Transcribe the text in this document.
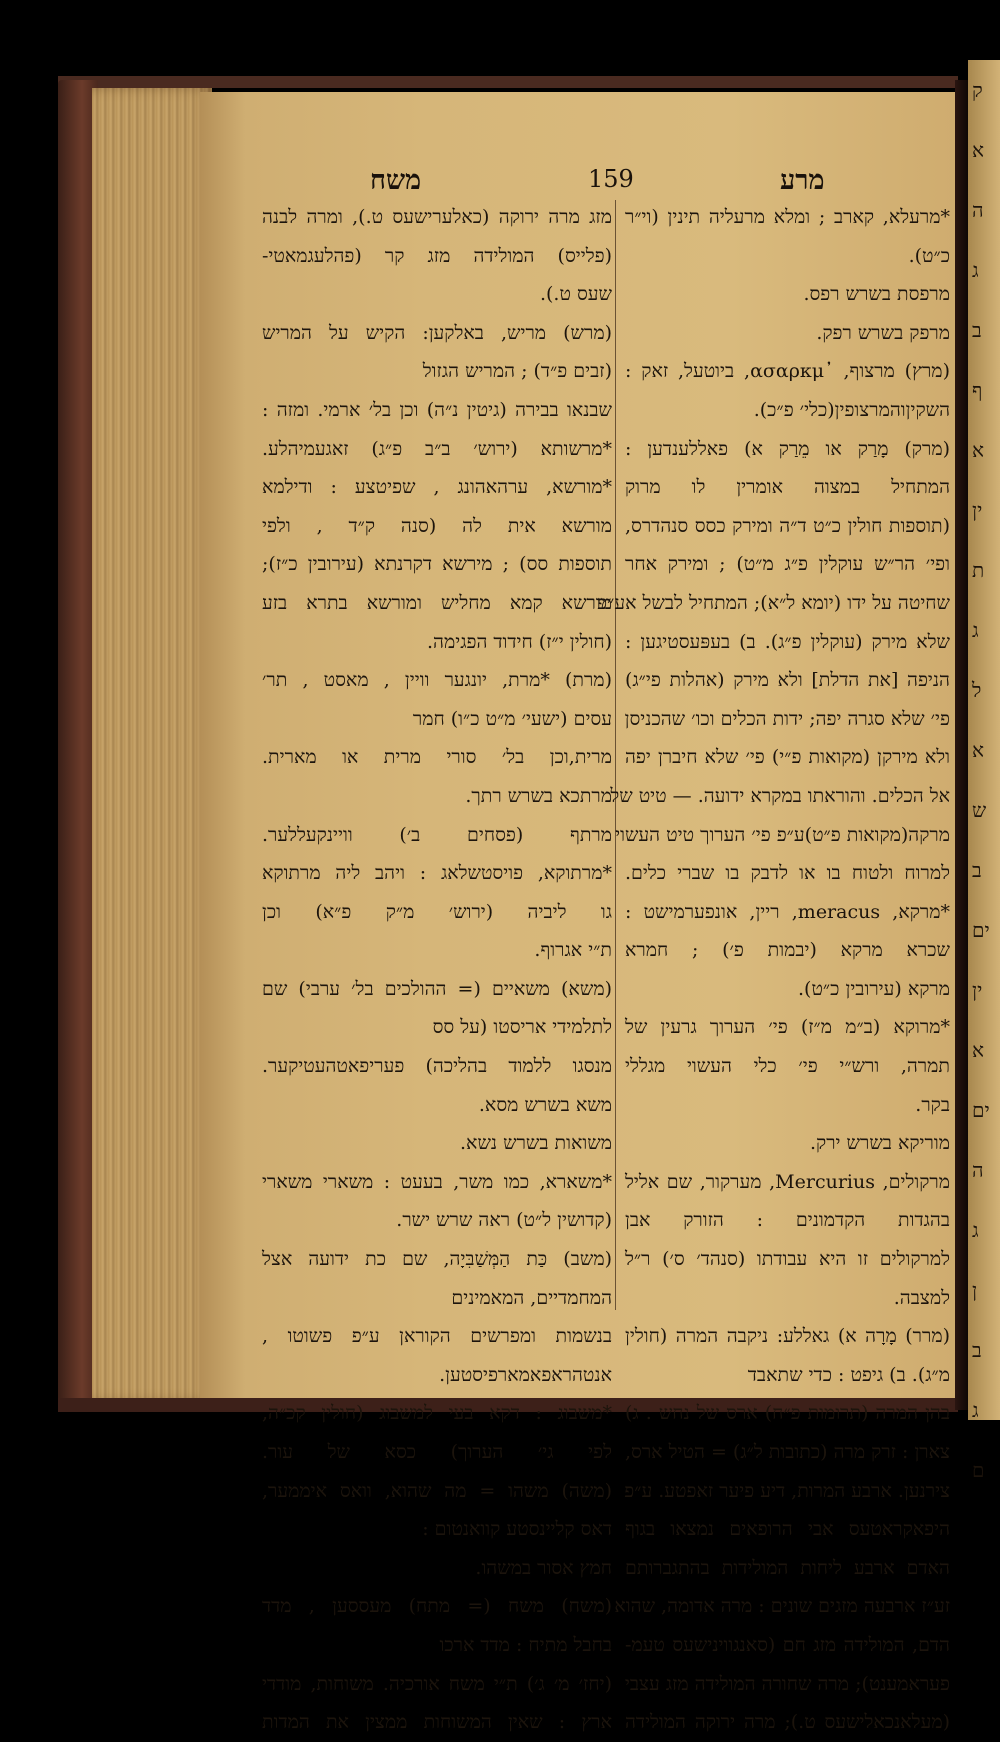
ק
א
ה
ג
ב
ף
א
ין
ת
ג
ל
א
ש
ב
ים
ין
א
ים
ה
ג
ן
ב
ג
ם
משח	159	מרע
*מרעלא, קארב ; ומלא מרעליה תינין (וי״ר
כ״ט).
מרפסת בשרש רפס.
מרפק בשרש רפק.
(מרץ) מרצוף, ᾿ασαρκμ, ביוטעל, זאק :
השקיןוהמרצופין(כלי׳ פ״כ).
(מרק) מָרַק או מֵרַק א) פאללענדען :
המתחיל במצוה אומרין לו מרוק
(תוספות חולין כ״ט ד״ה ומירק כסס סנהדרס,
ופי׳ הר״ש עוקלין פ״ג מ״ט) ; ומירק אחר
שחיטה על ידו (יומא ל״א); המתחיל לבשל אע״פ
שלא מירק (עוקלין פ״ג). ב) בעפּעסטיגען :
הניפה [את הדלת] ולא מירק (אהלות פי״ג)
פי׳ שלא סגרה יפה; ידות הכלים וכו׳ שהכניסן
ולא מירקן (מקואות פ״י) פי׳ שלא חיברן יפה
אל הכלים. והוראתו במקרא ידועה. — טיט של
מרקה(מקואות פ״ט)ע״פ פי׳ הערוך טיט העשוי
למרוח ולטוח בו או לדבק בו שברי כלים.
*מרקא, meracus, ריין, אונפערמישט :
שכרא מרקא (יבמות פ׳) ; חמרא
מרקא (עירובין כ״ט).
*מרוקא (ב״מ מ״ז) פי׳ הערוך גרעין של
תמרה, ורש״י פי׳ כלי העשוי מגללי
בקר.
מוריקא בשרש ירק.
מרקולים, Mercurius, מערקור, שם אליל
בהגדות הקדמונים : הזורק אבן
למרקולים זו היא עבודתו (סנהד׳ ס׳) ר״ל
למצבה.
(מרר) מָרָה א) גאללע: ניקבה המרה (חולין
מ״ג). ב) גיפט : כדי שתאבד
בהן המרה (תרומות פ״ח) ארס של נחש . ג)
צארן : זרק מרה (כתובות ל״ג) = הטיל ארס,
צירנען. ארבע המרות, דיע פיער זאפטע. ע״פ
היפאקראטעס אבי הרופאים נמצאו בגוף
האדם ארבע ליחות המולידות בהתגברותם
זע״ז ארבעה מזגים שונים : מרה אדומה, שהוא
הדם, המולידה מזג חם (סאנגווינישעס טעמ-
פעראמענט); מרה שחורה המולידה מזג עצבי
(מעלאנכאלישעס ט.); מרה ירוקה המולידה
מזג מרה ירוקה (כאלערישעס ט.), ומרה לבנה
(פלייס) המולידה מזג קר (פהלעגמאטי-
שעס ט.).
(מרש) מריש, באלקען: הקיש על המריש
(זבים פ״ד) ; המריש הגזול
שבנאו בבירה (גיטין נ״ה) וכן בל׳ ארמי. ומזה :
*מרשותא (ירוש׳ ב״ב פ״ג) זאגעמיהלע.
*מורשא, ערהאהונג , שפיטצע : ודילמא
מורשא אית לה (סנה ק״ד , ולפי
תוספות סס) ; מירשא דקרנתא (עירובין כ״ז);
מורשא קמא מחליש ומורשא בתרא בזע
(חולין י״ז) חידוד הפגימה.
(מרת) *מרת, יונגער וויין , מאסט , תר׳
עסים (ישעי׳ מ״ט כ״ו) חמר
מרית,וכן בל׳ סורי מרית או מארית.
מרתכא בשרש רתך.
מרתף (פסחים ב׳) וויינקעללער.
*מרתוקא, פויסטשלאג : ויהב ליה מרתוקא
גו ליביה (ירוש׳ מ״ק פ״א) וכן
ת״י אגרוף.
(משא) משאיים (= ההולכים בל׳ ערבי) שם
לתלמידי אריסטו (על סס
מנסגו ללמוד בהליכה) פעריפאטהעטיקער.
משא בשרש מסא.
משואות בשרש נשא.
*משארא, כמו משר, בעעט : משארי משארי
(קדושין ל״ט) ראה שרש ישר.
(משב) כַּת הַמְּשַׁבִּיָה, שם כת ידועה אצל
המחמדיים, המאמינים
בנשמות ומפרשים הקוראן ע״פ פשוטו ,
אנטהראפאמארפיסטען.
*משבוג : דקא בעי למשבוג (חולין קכ״ה,
לפי גי׳ הערוך) כסא של עור.
(משה) משהו = מה שהוא, וואס איממער,
דאס קליינסטע קוואנטום :
חמץ אסור במשהו.
(משח) משח (= מתח) מעססען , מדד
בחבל מתיח : מדד ארכו
(יחז׳ מ׳ ג׳) ת״י משח אורכיה. משוחות, מודדי
ארץ : שאין המשוחות ממצין את המדות
